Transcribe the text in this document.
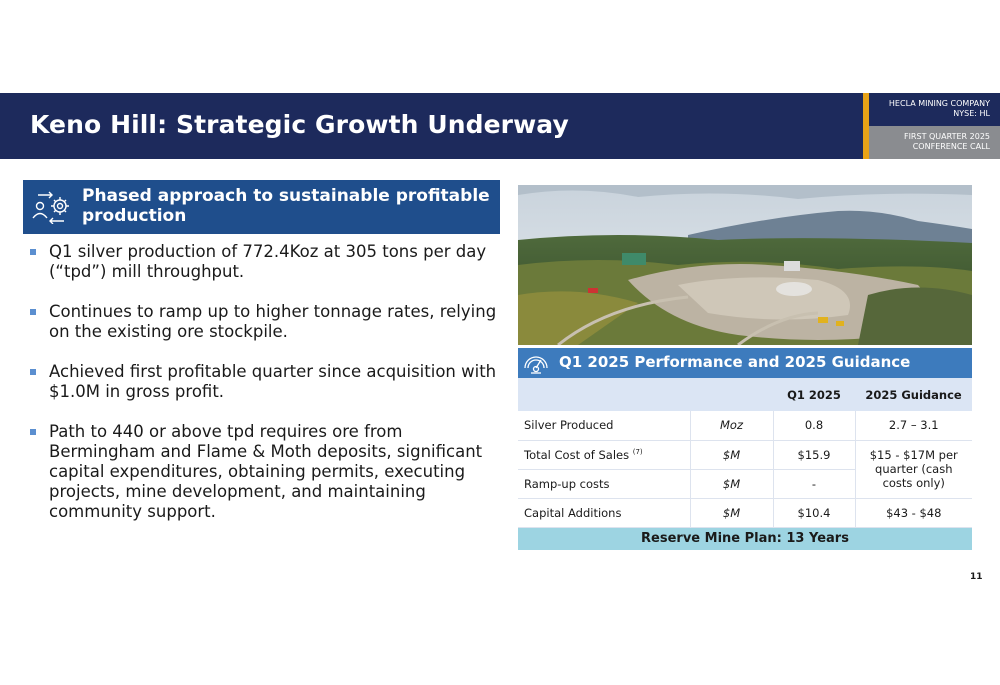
Keno Hill: Strategic Growth Underway
HECLA MINING COMPANY
NYSE: HL
FIRST QUARTER 2025
CONFERENCE CALL
Phased approach to sustainable profitable production
Q1 silver production of 772.4Koz at 305 tons per day (“tpd”) mill throughput.
Continues to ramp up to higher tonnage rates, relying on the existing ore stockpile.
Achieved first profitable quarter since acquisition with $1.0M in gross profit.
Path to 440 or above tpd requires ore from Bermingham and Flame & Moth deposits, significant capital expenditures, obtaining permits, executing projects, mine development, and maintaining community support.
Q1 2025 Performance and 2025 Guidance
		Q1 2025	2025 Guidance
Silver Produced	Moz	0.8	2.7 – 3.1
Total Cost of Sales $^{(7)}$	$M	$15.9	$15 - $17M per quarter (cash costs only)
Ramp-up costs	$M	-	
Capital Additions	$M	$10.4	$43 - $48
Reserve Mine Plan: 13 Years			
11
